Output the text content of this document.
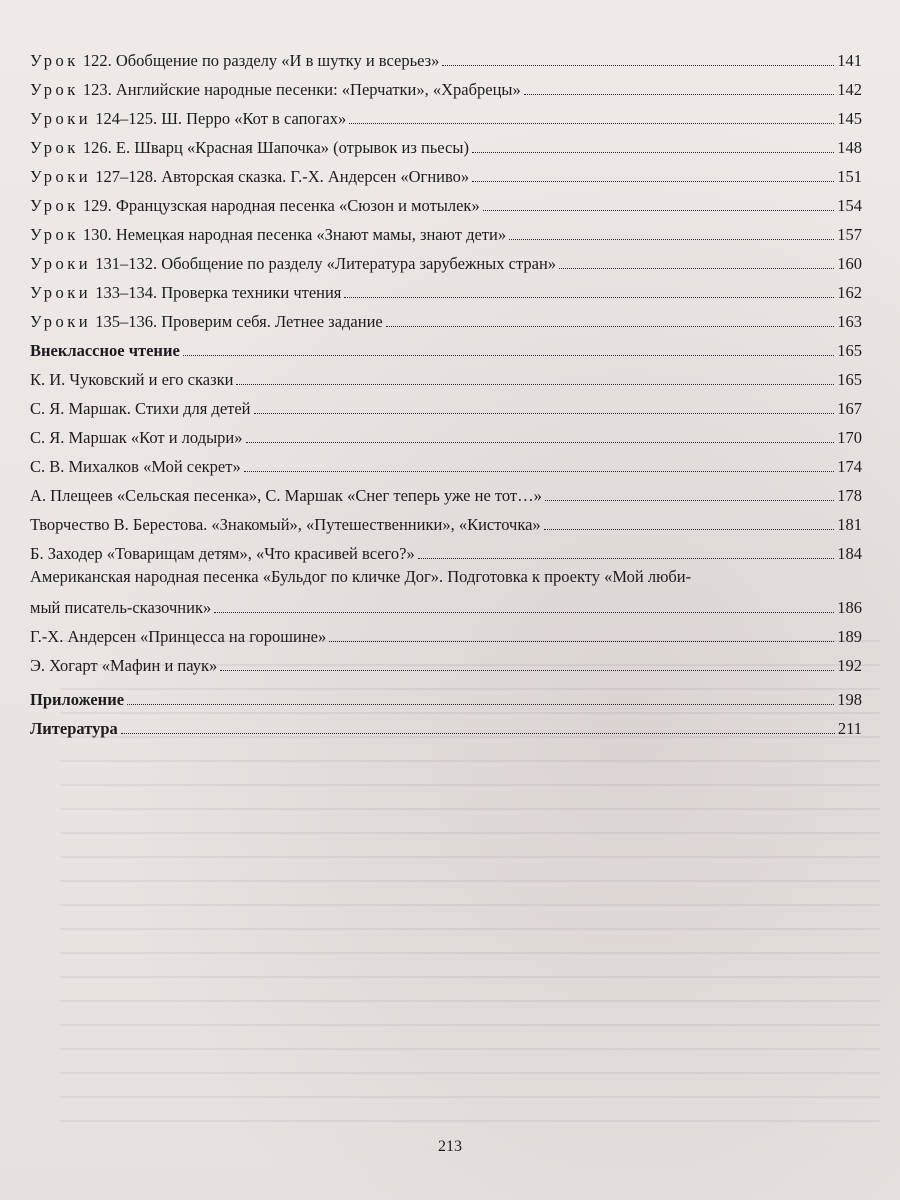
Урок 122. Обобщение по разделу «И в шутку и всерьез»	141
Урок 123. Английские народные песенки: «Перчатки», «Храбрецы»	142
Уроки 124–125. Ш. Перро «Кот в сапогах»	145
Урок 126. Е. Шварц «Красная Шапочка» (отрывок из пьесы)	148
Уроки 127–128. Авторская сказка. Г.-Х. Андерсен «Огниво»	151
Урок 129. Французская народная песенка «Сюзон и мотылек»	154
Урок 130. Немецкая народная песенка «Знают мамы, знают дети»	157
Уроки 131–132. Обобщение по разделу «Литература зарубежных стран»	160
Уроки 133–134. Проверка техники чтения	162
Уроки 135–136. Проверим себя. Летнее задание	163
Внеклассное чтение	165
К. И. Чуковский и его сказки	165
С. Я. Маршак. Стихи для детей	167
С. Я. Маршак «Кот и лодыри»	170
С. В. Михалков «Мой секрет»	174
А. Плещеев «Сельская песенка», С. Маршак «Снег теперь уже не тот…»	178
Творчество В. Берестова. «Знакомый», «Путешественники», «Кисточка»	181
Б. Заходер «Товарищам детям», «Что красивей всего?»	184
Американская народная песенка «Бульдог по кличке Дог». Подготовка к проекту «Мой люби-
мый писатель-сказочник»	186
Г.-Х. Андерсен «Принцесса на горошине»	189
Э. Хогарт «Мафин и паук»	192
Приложение	198
Литература	211
213
